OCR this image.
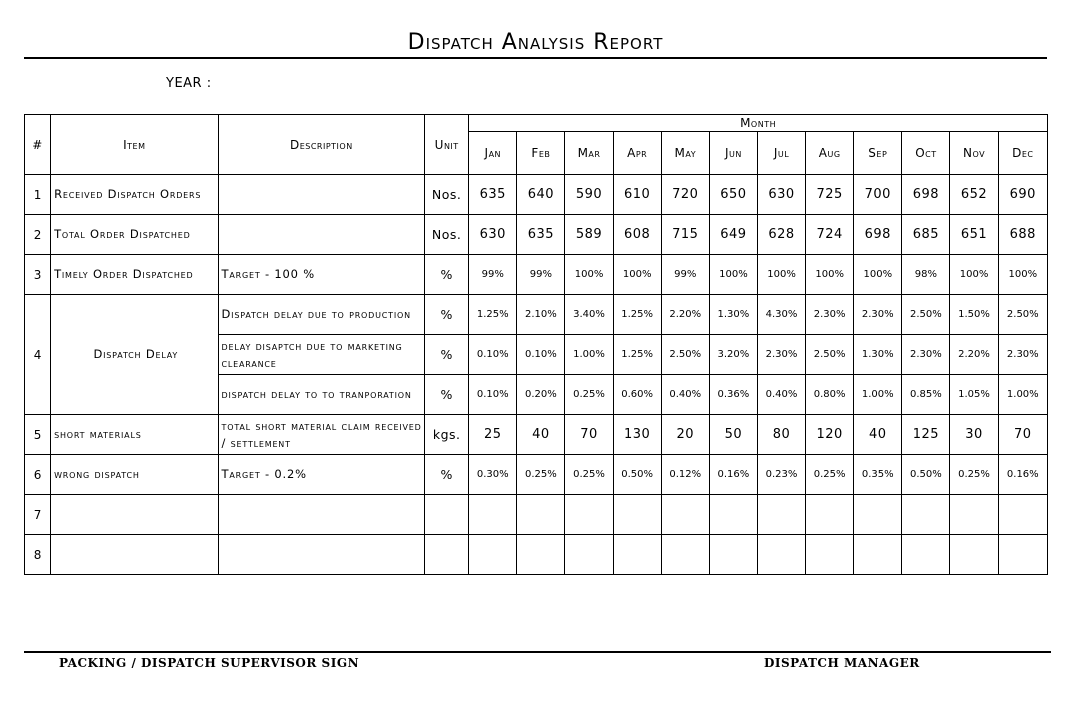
Dispatch Analysis Report
YEAR :
#	Item	Description	Unit	Month											
				Jan	Feb	Mar	Apr	May	Jun	Jul	Aug	Sep	Oct	Nov	Dec
1	Received Dispatch Orders		Nos.	635	640	590	610	720	650	630	725	700	698	652	690
2	Total Order Dispatched		Nos.	630	635	589	608	715	649	628	724	698	685	651	688
3	Timely Order Dispatched	Target - 100 %	%	99%	99%	100%	100%	99%	100%	100%	100%	100%	98%	100%	100%
4	Dispatch Delay	Dispatch delay due to production	%	1.25%	2.10%	3.40%	1.25%	2.20%	1.30%	4.30%	2.30%	2.30%	2.50%	1.50%	2.50%
		delay disaptch due to marketing clearance	%	0.10%	0.10%	1.00%	1.25%	2.50%	3.20%	2.30%	2.50%	1.30%	2.30%	2.20%	2.30%
		dispatch delay to to tranporation	%	0.10%	0.20%	0.25%	0.60%	0.40%	0.36%	0.40%	0.80%	1.00%	0.85%	1.05%	1.00%
5	short materials	total short material claim received / settlement	kgs.	25	40	70	130	20	50	80	120	40	125	30	70
6	wrong dispatch	Target - 0.2%	%	0.30%	0.25%	0.25%	0.50%	0.12%	0.16%	0.23%	0.25%	0.35%	0.50%	0.25%	0.16%
7															
8															
PACKING / DISPATCH SUPERVISOR SIGN	DISPATCH MANAGER
